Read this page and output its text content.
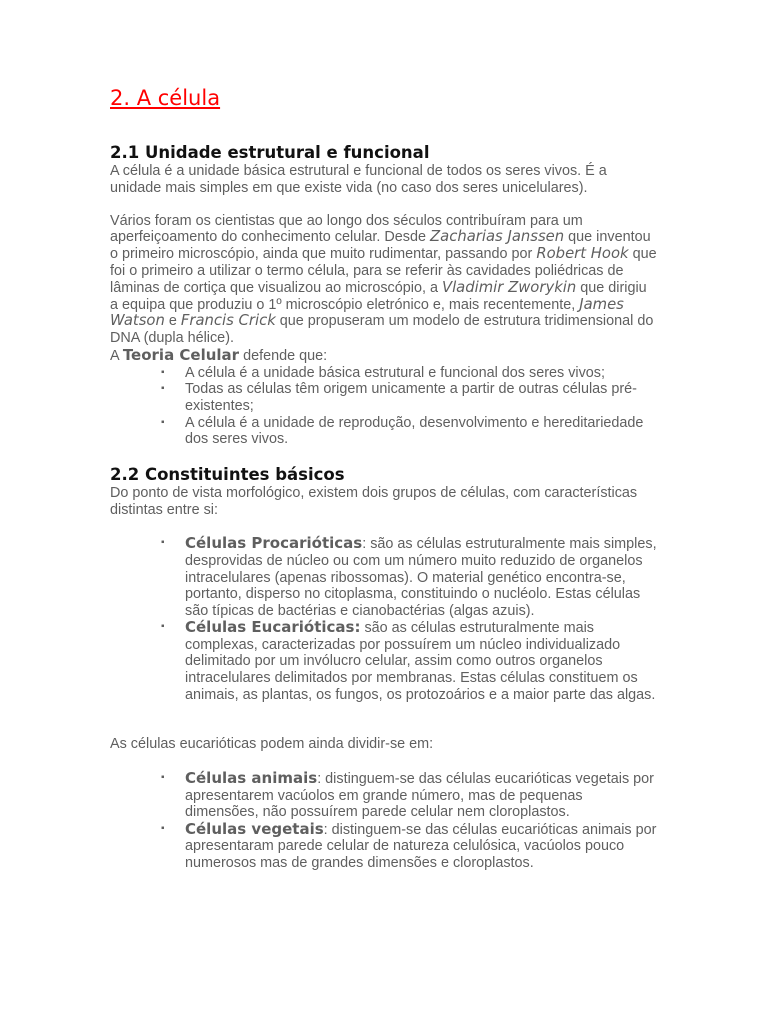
2. A célula
2.1 Unidade estrutural e funcional

A célula é a unidade básica estrutural e funcional de todos os seres vivos. É a unidade mais simples em que existe vida (no caso dos seres unicelulares).

Vários foram os cientistas que ao longo dos séculos contribuíram para um aperfeiçoamento do conhecimento celular. Desde Zacharias Janssen que inventou o primeiro microscópio, ainda que muito rudimentar, passando por Robert Hook que foi o primeiro a utilizar o termo célula, para se referir às cavidades poliédricas de lâminas de cortiça que visualizou ao microscópio, a Vladimir Zworykin que dirigiu a equipa que produziu o 1º microscópio eletrónico e, mais recentemente, James Watson e Francis Crick que propuseram um modelo de estrutura tridimensional do DNA (dupla hélice).

A Teoria Celular defende que:

▪ A célula é a unidade básica estrutural e funcional dos seres vivos;
▪ Todas as células têm origem unicamente a partir de outras células pré-existentes;
▪ A célula é a unidade de reprodução, desenvolvimento e hereditariedade dos seres vivos.
2.2 Constituintes básicos

Do ponto de vista morfológico, existem dois grupos de células, com características distintas entre si:

▪ Células Procarióticas: são as células estruturalmente mais simples, desprovidas de núcleo ou com um número muito reduzido de organelos intracelulares (apenas ribossomas). O material genético encontra-se, portanto, disperso no citoplasma, constituindo o nucléolo. Estas células são típicas de bactérias e cianobactérias (algas azuis).
▪ Células Eucarióticas: são as células estruturalmente mais complexas, caracterizadas por possuírem um núcleo individualizado delimitado por um invólucro celular, assim como outros organelos intracelulares delimitados por membranas. Estas células constituem os animais, as plantas, os fungos, os protozoários e a maior parte das algas.

As células eucarióticas podem ainda dividir-se em:

▪ Células animais: distinguem-se das células eucarióticas vegetais por apresentarem vacúolos em grande número, mas de pequenas dimensões, não possuírem parede celular nem cloroplastos.
▪ Células vegetais: distinguem-se das células eucarióticas animais por apresentaram parede celular de natureza celulósica, vacúolos pouco numerosos mas de grandes dimensões e cloroplastos.
